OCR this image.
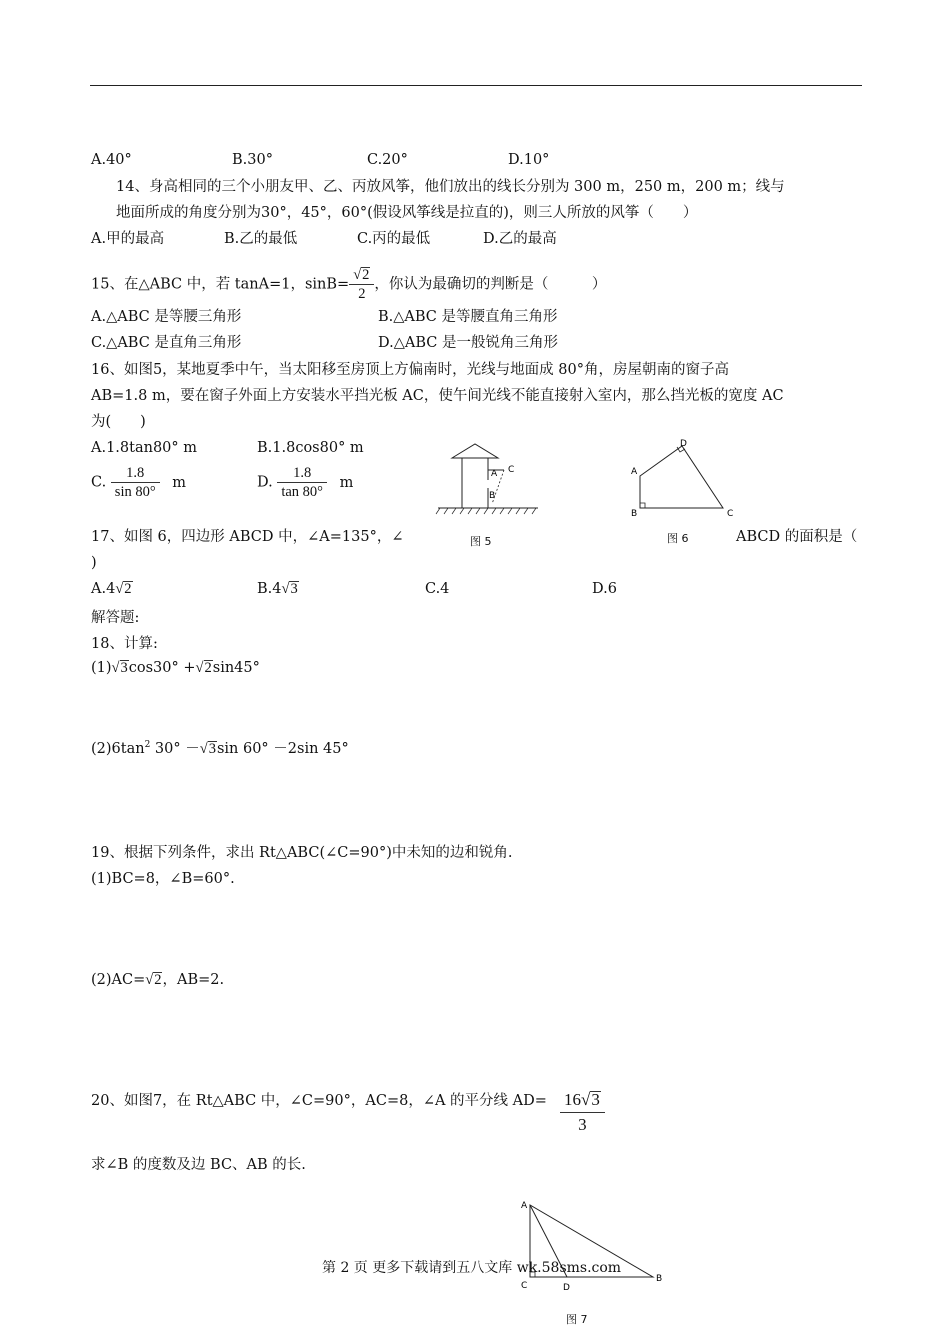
A.40°	B.30°	C.20°	D.10°
14、身高相同的三个小朋友甲、乙、丙放风筝，他们放出的线长分别为 300 m，250 m，200 m；线与
地面所成的角度分别为30°，45°，60°(假设风筝线是拉直的)，则三人所放的风筝（　　）
A.甲的最高	B.乙的最低	C.丙的最低	D.乙的最高
15、在△ABC 中，若 tanA=1，$\sin B= \frac{√2}{2}$ ，你认为最确切的判断是（　　　）
A.△ABC 是等腰三角形	B.△ABC 是等腰直角三角形
C.△ABC 是直角三角形	D.△ABC 是一般锐角三角形
16、如图5，某地夏季中午，当太阳移至房顶上方偏南时，光线与地面成 80°角，房屋朝南的窗子高
AB=1.8 m，要在窗子外面上方安装水平挡光板 AC，使午间光线不能直接射入室内，那么挡光板的宽度 AC
为(　　)
A.1.8tan80° m	B.1.8cos80° m
C. $\frac{1.8}{\sin 80^\circ}$ m	D. $\frac{1.8}{\tan 80^\circ}$ m
A C
B
图 5
A
D
B	C
图 6
17、如图 6，四边形 ABCD 中，∠A=135°，∠	ABCD 的面积是（
)
A.4√2	B.4√3	C.4	D.6
解答题:
18、计算:
(1)√3cos30° +√2sin45°
$(2)6\tan^2$ 30° －√3sin 60° －2sin 45°
19、根据下列条件，求出 Rt△ABC(∠C=90°)中未知的边和锐角.
(1)BC=8，∠B=60°.
(2)AC=√2，AB=2.
20、如图7，在 Rt△ABC 中，∠C=90°，AC=8，∠A 的平分线 $AD= \frac{16√3}{3}$
求∠B 的度数及边 BC、AB 的长.
A
C	D
B
图 7
第 2 页 更多下载请到五八文库 wk.58sms.com
